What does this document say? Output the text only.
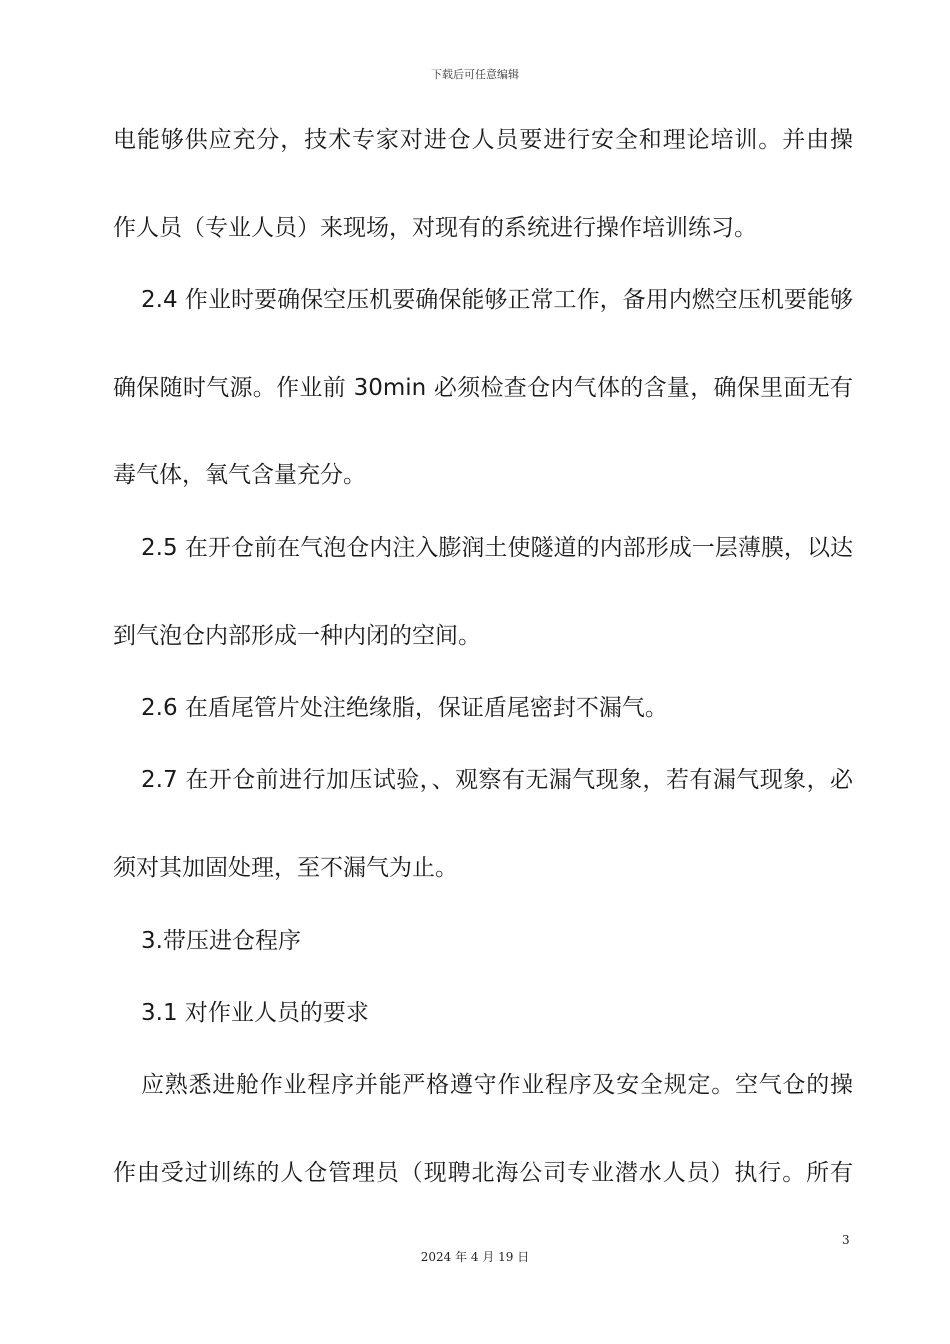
下载后可任意编辑
电能够供应充分，技术专家对进仓人员要进行安全和理论培训。并由操
作人员（专业人员）来现场，对现有的系统进行操作培训练习。
2.4 作业时要确保空压机要确保能够正常工作，备用内燃空压机要能够
确保随时气源。作业前 30min 必须检查仓内气体的含量，确保里面无有
毒气体，氧气含量充分。
2.5 在开仓前在气泡仓内注入膨润土使隧道的内部形成一层薄膜，以达
到气泡仓内部形成一种内闭的空间。
2.6 在盾尾管片处注绝缘脂，保证盾尾密封不漏气。
2.7 在开仓前进行加压试验，、观察有无漏气现象，若有漏气现象，必
须对其加固处理，至不漏气为止。
3.带压进仓程序
3.1 对作业人员的要求
应熟悉进舱作业程序并能严格遵守作业程序及安全规定。空气仓的操
作由受过训练的人仓管理员（现聘北海公司专业潜水人员）执行。所有
3
2024 年 4 月 19 日
